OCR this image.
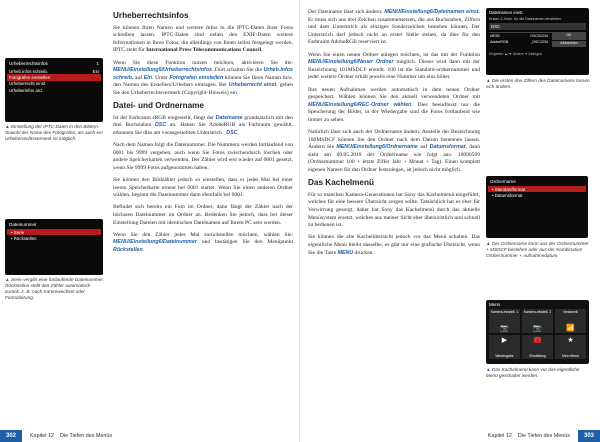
Urheberrechtsinfos	1
Urheb.infos schreib.	Ein
Fotografen einstellen
Urheberrecht einst.
Urheberinfos anz.
▲ Einstellung der IPTC-Daten in den Bildern. Sowohl der Name des Fotografen, als auch ein Urheberrechtsvermerk ist möglich.
Dateinummer
• Serie
• Rückstellen
▲ Serie vergibt eine fortlaufende Dateinummer. Rückstellen stellt den Zähler automatisch zurück, z. B. nach Kartenwechsel oder Formatierung.
Urheberrechtsinfos

Sie können Ihren Namen und weitere Infos in die IPTC-Daten Ihrer Fotos schreiben lassen. IPTC-Daten sind neben den EXIF-Daten weitere Informationen in Ihren Fotos, die allerdings von Ihnen selbst festgelegt werden. IPTC steht für International Press Telecommunications Council.

Wenn Sie diese Funktion nutzen möchten, aktivieren Sie die: MENU/Einstellung5/Urheberrechtsinfos. Dort schalten Sie die Urheb.infos schreib. auf Ein. Unter Fotografen einstellen können Sie Ihren Namen bzw. den Namen des Erstellers/Urhebers eintragen. Bei Urheberrecht einst. geben Sie den Urheberrechtsvermerk (Copyright-Hinweis) ein.

Datei- und Ordnername

Ist der Farbraum sRGB eingestellt, fängt der Dateiname grundsätzlich mit den drei Buchstaben DSC an. Haben Sie AdobeRGB als Farbraum gewählt, erkennen Sie dies am vorangestellten Unterstrich _DSC.

Nach dem Namen folgt die Dateinummer. Die Nummern werden fortlaufend von 0001 bis 9999 vergeben, auch wenn Sie Fotos zwischendurch löschen oder andere Speicherkarten verwenden. Der Zähler wird erst wieder auf 0001 gesetzt, wenn Sie 9999 Fotos aufgenommen haben.

Sie können den Bildzähler jedoch so einstellen, dass er jedes Mal bei einer leeren Speicherkarte erneut bei 0001 startet. Wenn Sie einen anderen Ordner wählen, beginnt die Dateinummer dann ebenfalls bei 0001.

Befindet sich bereits ein Foto im Ordner, dann fängt der Zähler nach der höchsten Dateinummer im Ordner an. Bedenken Sie jedoch, dass bei dieser Einstellung Dateien mit identischen Dateinamen auf Ihrem PC sein werden.

Wenn Sie den Zähler jedes Mal zurückstellen möchten, wählen Sie: MENU/Einstellung6/Dateinummer und bestätigen Sie den Menüpunkt Rückstellen.

302	Kapitel 12 Die Tiefen des Menüs

Der Dateiname lässt sich ändern: MENU/Einstellung6/Dateinamen einst. Er muss sich aus drei Zeichen zusammensetzen, die aus Buchstaben, Ziffern und dem Unterstrich als einziges Sonderzeichen bestehen können. Der Unterstrich darf jedoch nicht an erster Stelle stehen, da dies für den Farbraum AdobeRGB reserviert ist.

Wenn Sie einen neuen Ordner anlegen möchten, ist das mit der Funktion MENU/Einstellung6/Neuer Ordner möglich. Dieser wird dann mit der Bezeichnung 101MSDCF erstellt. 100 ist die Standard-ordnernummer und jeder weitere Ordner erhält jeweils eine Nummer um eins höher.

Ihre neuen Aufnahmen werden automatisch in dem neuen Ordner gespeichert. Wählen können Sie den aktuell verwendeten Ordner mit MENU/Einstellung6/REC-Ordner wählen. Dies beeinflusst nur die Speicherung der Bilder, in der Wiedergabe sind die Fotos fortlaufend wie immer zu sehen.

Natürlich lässt sich auch der Ordnername ändern. Anstelle der Bezeichnung 100MSDCF können Sie den Ordner nach dem Datum benennen lassen. Ändern Sie MENU/Einstellung6/Ordnername auf Datumsformat, dann sieht am 09.05.2019 der Ordnername wie folgt aus: 10090509 (Ordnernummer 100 + letzte Ziffer Jahr + Monat + Tag). Einen komplett eigenen Namen für den Ordner festzulegen, ist jedoch nicht möglich.

Das Kachelmenü

Für so manchen Kamera-Generationen hat Sony das Kachelmenü eingeführt, welches für eine bessere Übersicht sorgen sollte. Tatsächlich hat es eher für Verwirrung gesorgt, daher hat Sony das Kachelmenü durch das aktuelle Menüsystem ersetzt, welches aus meiner Sicht eher übersichtlich und schnell zu bedienen ist.

Sie können die alte Kachelübersicht jedoch vor das Menü schalten. Das eigentliche Menü bleibt dasselbe, es gibt nur eine grafische Übersicht, wenn Sie die Taste MENU drücken.

Dateinamen einst.
Ersten 3 Zeich. für die Dateinamen einstellen.
DSC
sRGB	DSC01234
AdobeRGB	_DSC1234
OK
Abbrechen
Eingeben ▲/▼ Ändern ✦ Einfügen
▲ Die ersten drei Ziffern des Dateinamens lassen sich ändern.
Ordnername
• Standardformat
• Datumsformat
▲ Der Ordnername kann aus der Ordnernummer + MSDCF bestehen oder aus der Kombination Ordnernummer + Aufnahmedatum.
Menü
Kamera-einstell. 1
📷
Kamera-einstell. 2
📷
Netzwerk
📶
▶
Wiedergabe
🧰
Einstellung
★
Mein Menü
▲ Das Kachelmenü kann vor das eigentliche Menü geschaltet werden.
Kapitel 12 Die Tiefen des Menüs	303
